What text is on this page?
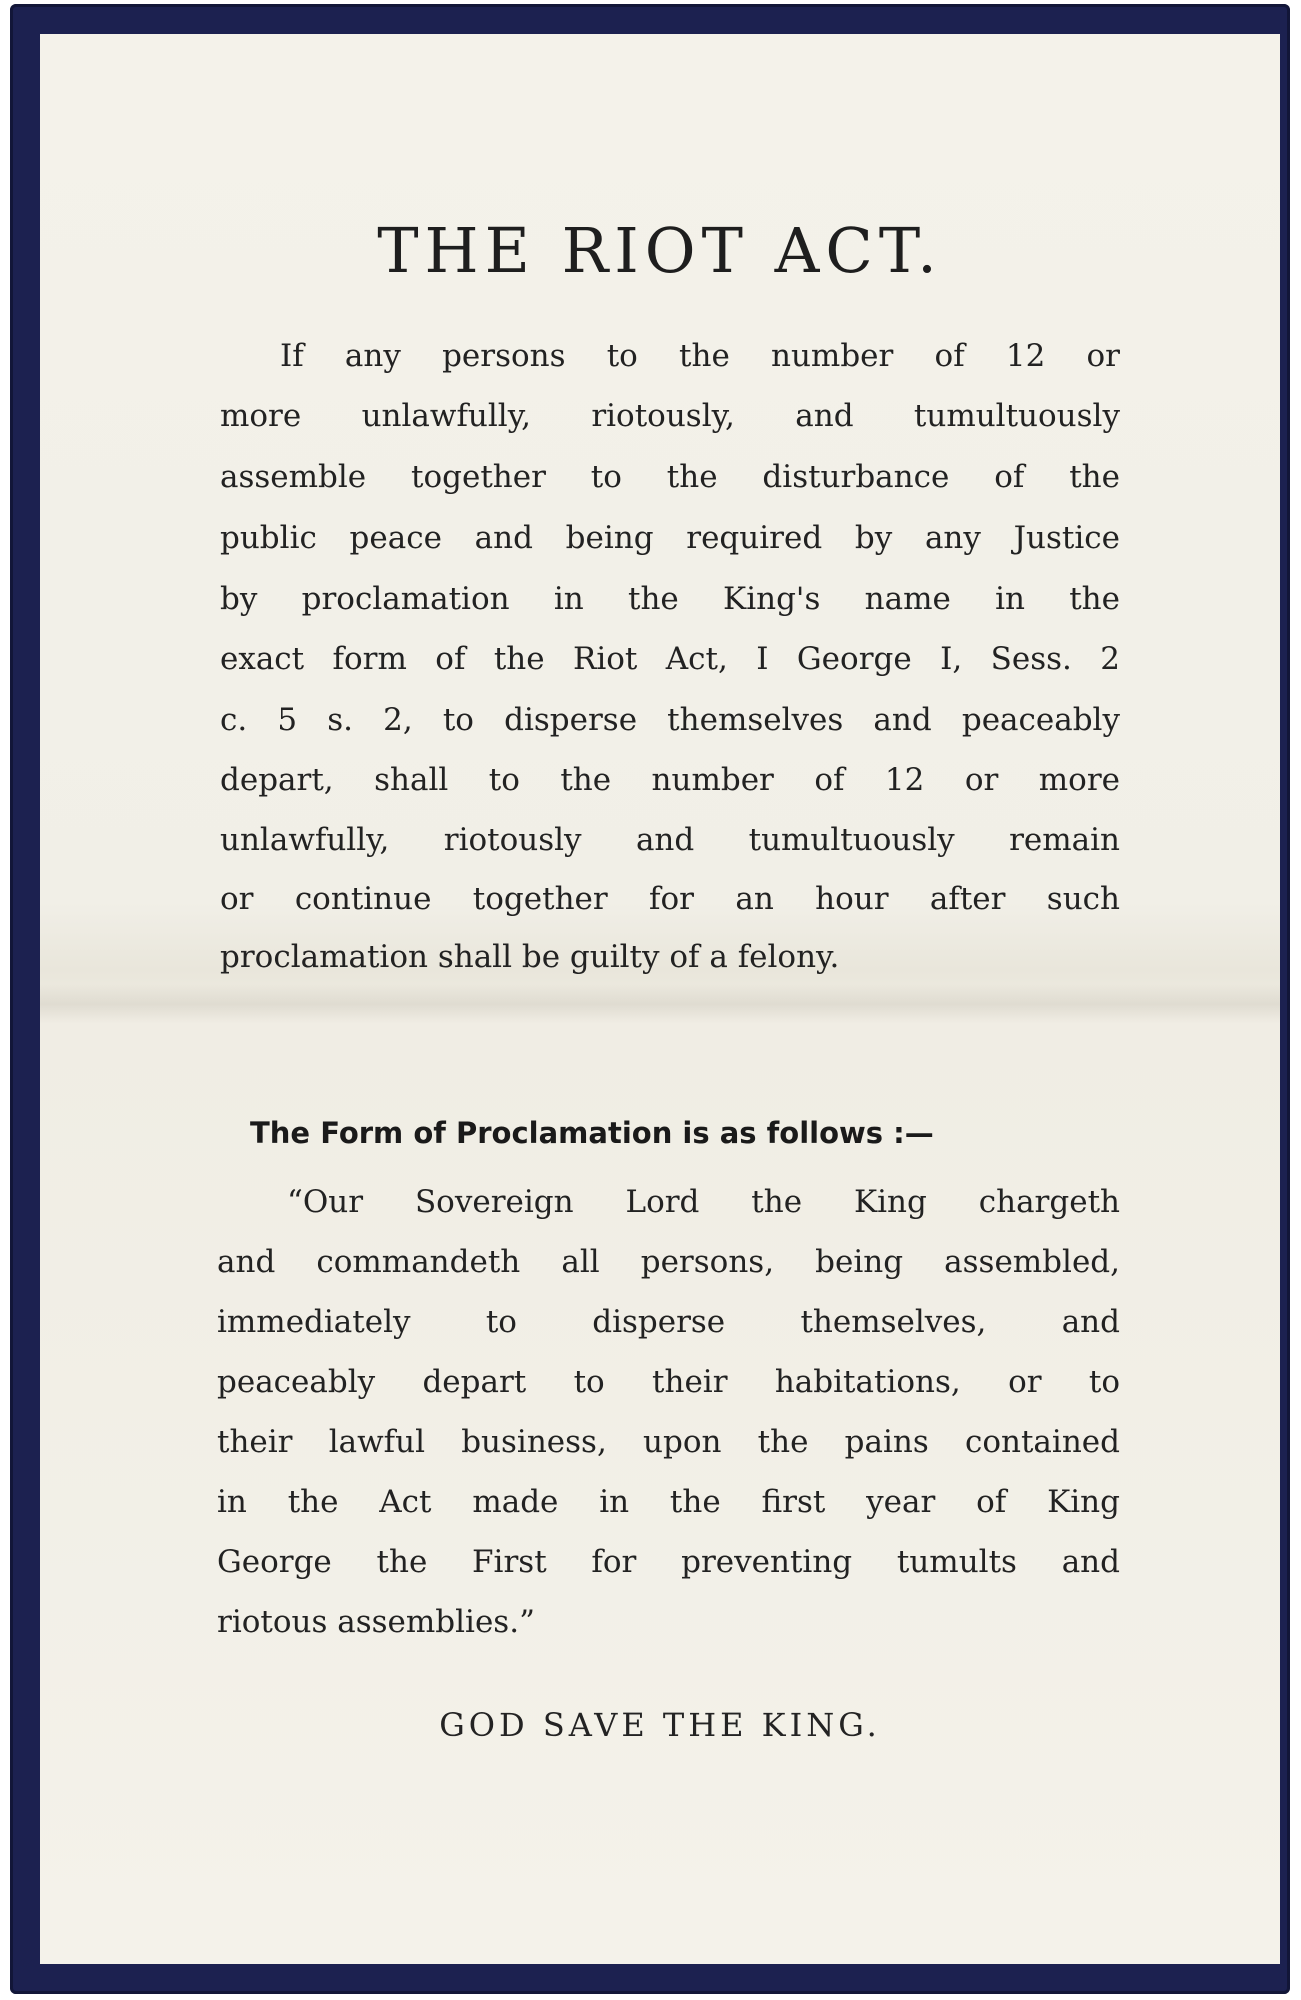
THE RIOT ACT.
If any persons to the number of 12 or
more unlawfully, riotously, and tumultuously
assemble together to the disturbance of the
public peace and being required by any Justice
by proclamation in the King's name in the
exact form of the Riot Act, I George I, Sess. 2
c. 5 s. 2, to disperse themselves and peaceably
depart, shall to the number of 12 or more
unlawfully, riotously and tumultuously remain
or continue together for an hour after such
proclamation shall be guilty of a felony.
The Form of Proclamation is as follows :—
“Our Sovereign Lord the King chargeth
and commandeth all persons, being assembled,
immediately to disperse themselves, and
peaceably depart to their habitations, or to
their lawful business, upon the pains contained
in the Act made in the first year of King
George the First for preventing tumults and
riotous assemblies.”
GOD SAVE THE KING.
